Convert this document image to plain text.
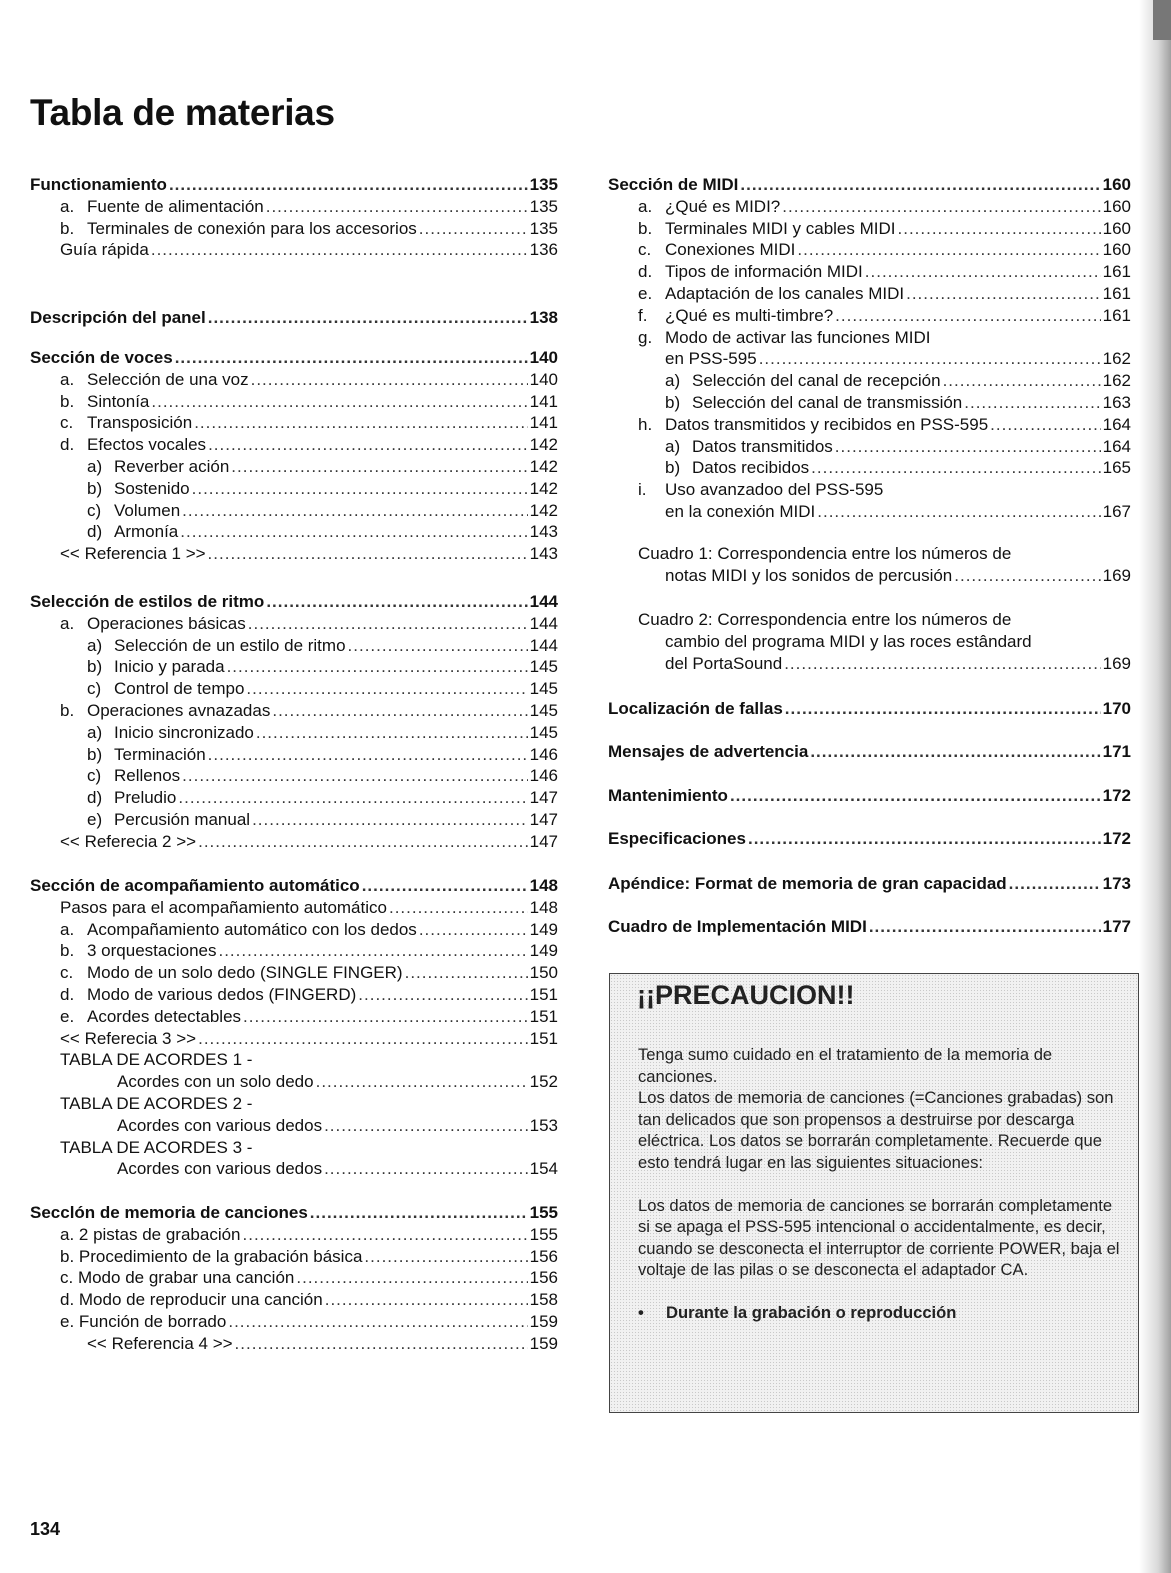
Tabla de materias
Functionamiento .....	135
a. Fuente de alimentación .....	135
b. Terminales de conexión para los accesorios .....	135
Guía rápida .....	136
Descripción del panel .....	138
Sección de voces .....	140
a. Selección de una voz .....	140
b. Sintonía .....	141
c. Transposición .....	141
d. Efectos vocales .....	142
a) Reverber ación .....	142
b) Sostenido .....	142
c) Volumen .....	142
d) Armonía .....	143
<< Referencia 1 >> .....	143
Selección de estilos de ritmo .....	144
a. Operaciones básicas .....	144
a) Selección de un estilo de ritmo .....	144
b) Inicio y parada .....	145
c) Control de tempo .....	145
b. Operaciones avnazadas .....	145
a) Inicio sincronizado .....	145
b) Terminación .....	146
c) Rellenos .....	146
d) Preludio .....	147
e) Percusión manual .....	147
<< Referecia 2 >> .....	147
Sección de acompañamiento automático .....	148
Pasos para el acompañamiento automático .....	148
a. Acompañamiento automático con los dedos .....	149
b. 3 orquestaciones .....	149
c. Modo de un solo dedo (SINGLE FINGER) .....	150
d. Modo de various dedos (FINGERD) .....	151
e. Acordes detectables .....	151
<< Referecia 3 >> .....	151
TABLA DE ACORDES 1 -
Acordes con un solo dedo .....	152
TABLA DE ACORDES 2 -
Acordes con various dedos .....	153
TABLA DE ACORDES 3 -
Acordes con various dedos .....	154
Secclón de memoria de canciones .....	155
a. 2 pistas de grabación .....	155
b. Procedimiento de la grabación básica .....	156
c. Modo de grabar una canción .....	156
d. Modo de reproducir una canción .....	158
e. Función de borrado .....	159
<< Referencia 4 >> .....	159
Sección de MIDI .....	160
a. ¿Qué es MIDI? .....	160
b. Terminales MIDI y cables MIDI .....	160
c. Conexiones MIDI .....	160
d. Tipos de información MIDI .....	161
e. Adaptación de los canales MIDI .....	161
f.	¿Qué es multi-timbre? .....	161
g. Modo de activar las funciones MIDI
en PSS-595 .....	162
a) Selección del canal de recepción .....	162
b) Selección del canal de transmissión .....	163
h. Datos transmitidos y recibidos en PSS-595 .....	164
a) Datos transmitidos .....	164
b) Datos recibidos .....	165
i.	Uso avanzadoo del PSS-595
en la conexión MIDI .....	167
Cuadro 1: Correspondencia entre los números de
notas MIDI y los sonidos de percusión .....	169
Cuadro 2: Correspondencia entre los números de
cambio del programa MIDI y las roces estândard
del PortaSound .....	169
Localización de fallas .....	170
Mensajes de advertencia .....	171
Mantenimiento .....	172
Especificaciones .....	172
Apéndice: Format de memoria de gran capacidad .....	173
Cuadro de Implementación MIDI .....	177
¡¡PRECAUCION!!

Tenga sumo cuidado en el tratamiento de la memoria de canciones.
Los datos de memoria de canciones (=Canciones grabadas) son tan delicados que son propensos a destruirse por descarga eléctrica. Los datos se borrarán completamente. Recuerde que esto tendrá lugar en las siguientes situaciones:

Los datos de memoria de canciones se borrarán completamente si se apaga el PSS-595 intencional o accidentalmente, es decir, cuando se desconecta el interruptor de corriente POWER, baja el voltaje de las pilas o se desconecta el adaptador CA.

•	Durante la grabación o reproducción
134
